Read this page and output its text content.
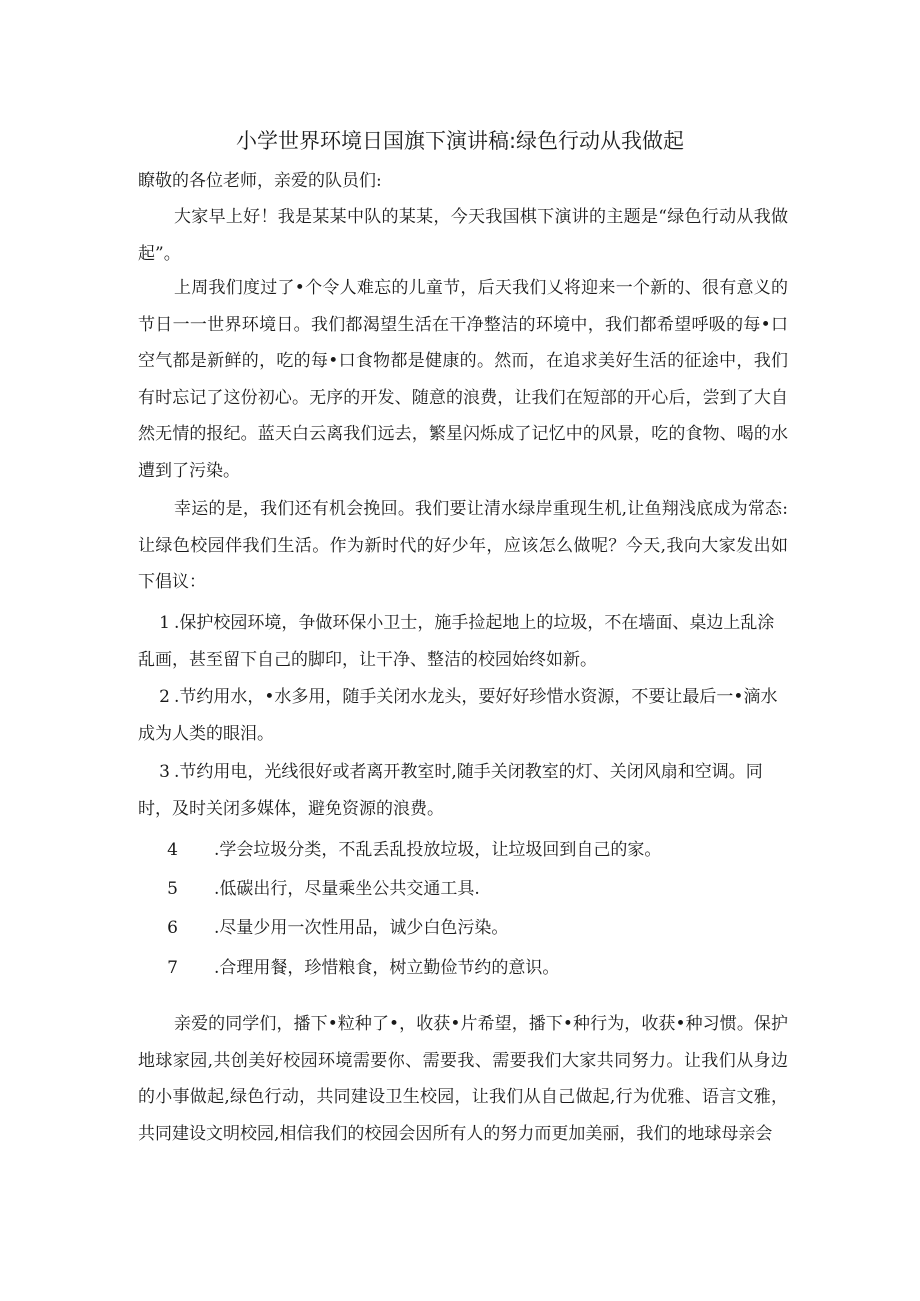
小学世界环境日国旗下演讲稿:绿色行动从我做起

瞭敬的各位老师，亲爱的队员们:

大家早上好！我是某某中队的某某，今天我国棋下演讲的主题是“绿色行动从我做起”。

上周我们度过了•个令人难忘的儿童节，后天我们乂将迎来一个新的、很有意义的节日一一世界环境日。我们都渴望生活在干净整洁的环境中，我们都希望呼吸的每•口空气都是新鲜的，吃的每•口食物都是健康的。然而，在追求美好生活的征途中，我们有时忘记了这份初心。无序的开发、随意的浪费，让我们在短部的开心后，尝到了大自然无情的报纪。蓝天白云离我们远去，繁星闪烁成了记忆中的风景，吃的食物、喝的水遭到了污染。

幸运的是，我们还有机会挽回。我们要让清水绿岸重现生机,让鱼翔浅底成为常态:让绿色校园伴我们生活。作为新时代的好少年，应该怎么做呢？今天,我向大家发出如下倡议：

1 .保护校园环境，争做环保小卫士，施手捡起地上的垃圾，不在墙面、桌边上乱涂乱画，甚至留下自己的脚印，让干净、整洁的校园始终如新。

2 .节约用水，•水多用，随手关闭水龙头，要好好珍惜水资源，不要让最后一•滴水成为人类的眼泪。

3 .节约用电，光线很好或者离开教室时,随手关闭教室的灯、关闭风扇和空调。同时，及时关闭多媒体，避免资源的浪费。

4 .学会垃圾分类，不乱丢乱投放垃圾，让垃圾回到自己的家。

5 .低碳出行，尽量乘坐公共交通工具.

6 .尽量少用一次性用品，诚少白色污染。

7 .合理用餐，珍惜粮食，树立勤俭节约的意识。

亲爱的同学们，播下•粒种了•，收获•片希望，播下•种行为，收获•种习惯。保护地球家园,共创美好校园环境需要你、需要我、需要我们大家共同努力。让我们从身边的小事做起,绿色行动，共同建设卫生校园，让我们从自己做起,行为优雅、语言文雅，共同建设文明校园,相信我们的校园会因所有人的努力而更加美丽，我们的地球母亲会
